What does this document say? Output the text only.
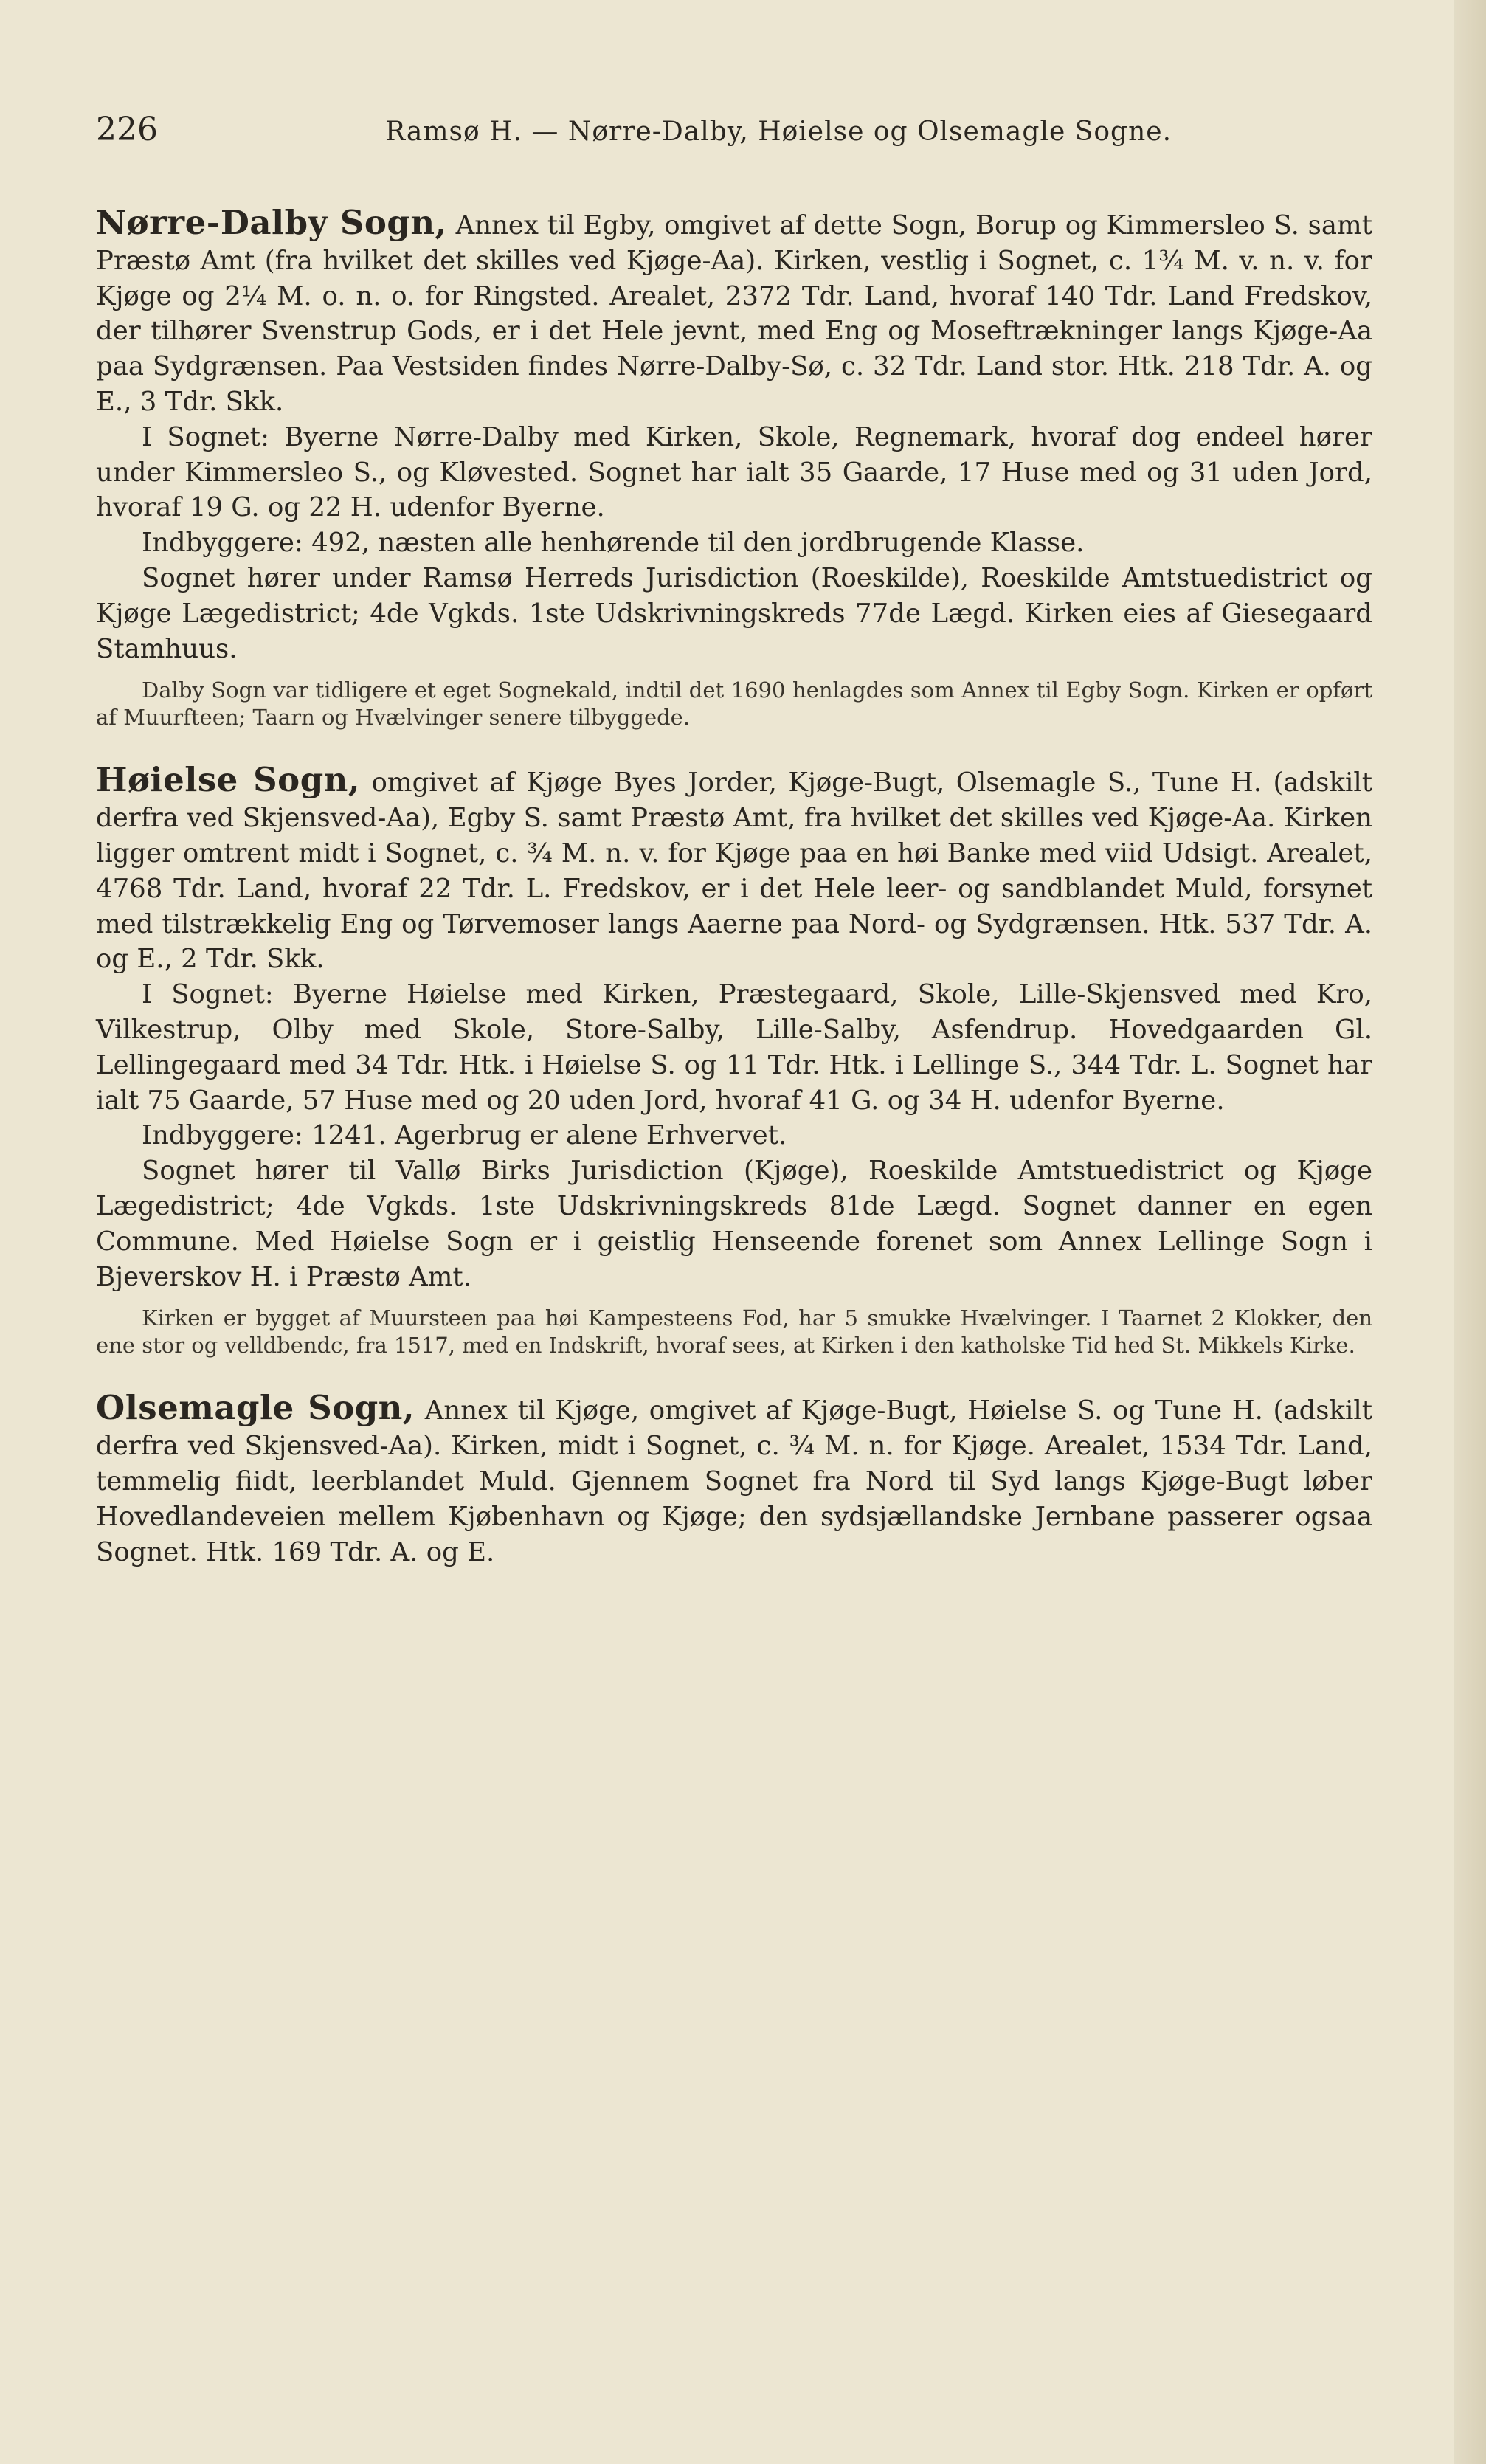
226	Ramsø H. — Nørre-Dalby, Høielse og Olsemagle Sogne.

Nørre-Dalby Sogn, Annex til Egby, omgivet af dette Sogn, Borup og Kimmersleo S. samt Præstø Amt (fra hvilket det skilles ved Kjøge-Aa). Kirken, vestlig i Sognet, c. 1¾ M. v. n. v. for Kjøge og 2¼ M. o. n. o. for Ringsted. Arealet, 2372 Tdr. Land, hvoraf 140 Tdr. Land Fredskov, der tilhører Svenstrup Gods, er i det Hele jevnt, med Eng og Moseftrækninger langs Kjøge-Aa paa Sydgrænsen. Paa Vestsiden findes Nørre-Dalby-Sø, c. 32 Tdr. Land stor. Htk. 218 Tdr. A. og E., 3 Tdr. Skk.

I Sognet: Byerne Nørre-Dalby med Kirken, Skole, Regnemark, hvoraf dog endeel hører under Kimmersleo S., og Kløvested. Sognet har ialt 35 Gaarde, 17 Huse med og 31 uden Jord, hvoraf 19 G. og 22 H. udenfor Byerne.

Indbyggere: 492, næsten alle henhørende til den jordbrugende Klasse.

Sognet hører under Ramsø Herreds Jurisdiction (Roeskilde), Roeskilde Amtstuedistrict og Kjøge Lægedistrict; 4de Vgkds. 1ste Udskrivningskreds 77de Lægd. Kirken eies af Giesegaard Stamhuus.

Dalby Sogn var tidligere et eget Sognekald, indtil det 1690 henlagdes som Annex til Egby Sogn. Kirken er opført af Muurfteen; Taarn og Hvælvinger senere tilbyggede.

Høielse Sogn, omgivet af Kjøge Byes Jorder, Kjøge-Bugt, Olsemagle S., Tune H. (adskilt derfra ved Skjensved-Aa), Egby S. samt Præstø Amt, fra hvilket det skilles ved Kjøge-Aa. Kirken ligger omtrent midt i Sognet, c. ¾ M. n. v. for Kjøge paa en høi Banke med viid Udsigt. Arealet, 4768 Tdr. Land, hvoraf 22 Tdr. L. Fredskov, er i det Hele leer- og sandblandet Muld, forsynet med tilstrækkelig Eng og Tørvemoser langs Aaerne paa Nord- og Sydgrænsen. Htk. 537 Tdr. A. og E., 2 Tdr. Skk.

I Sognet: Byerne Høielse med Kirken, Præstegaard, Skole, Lille-Skjensved med Kro, Vilkestrup, Olby med Skole, Store-Salby, Lille-Salby, Asfendrup. Hovedgaarden Gl. Lellingegaard med 34 Tdr. Htk. i Høielse S. og 11 Tdr. Htk. i Lellinge S., 344 Tdr. L. Sognet har ialt 75 Gaarde, 57 Huse med og 20 uden Jord, hvoraf 41 G. og 34 H. udenfor Byerne.

Indbyggere: 1241. Agerbrug er alene Erhvervet.

Sognet hører til Vallø Birks Jurisdiction (Kjøge), Roeskilde Amtstuedistrict og Kjøge Lægedistrict; 4de Vgkds. 1ste Udskrivningskreds 81de Lægd. Sognet danner en egen Commune. Med Høielse Sogn er i geistlig Henseende forenet som Annex Lellinge Sogn i Bjeverskov H. i Præstø Amt.

Kirken er bygget af Muursteen paa høi Kampesteens Fod, har 5 smukke Hvælvinger. I Taarnet 2 Klokker, den ene stor og velldbendc, fra 1517, med en Indskrift, hvoraf sees, at Kirken i den katholske Tid hed St. Mikkels Kirke.

Olsemagle Sogn, Annex til Kjøge, omgivet af Kjøge-Bugt, Høielse S. og Tune H. (adskilt derfra ved Skjensved-Aa). Kirken, midt i Sognet, c. ¾ M. n. for Kjøge. Arealet, 1534 Tdr. Land, temmelig fiidt, leerblandet Muld. Gjennem Sognet fra Nord til Syd langs Kjøge-Bugt løber Hovedlandeveien mellem Kjøbenhavn og Kjøge; den sydsjællandske Jernbane passerer ogsaa Sognet. Htk. 169 Tdr. A. og E.
